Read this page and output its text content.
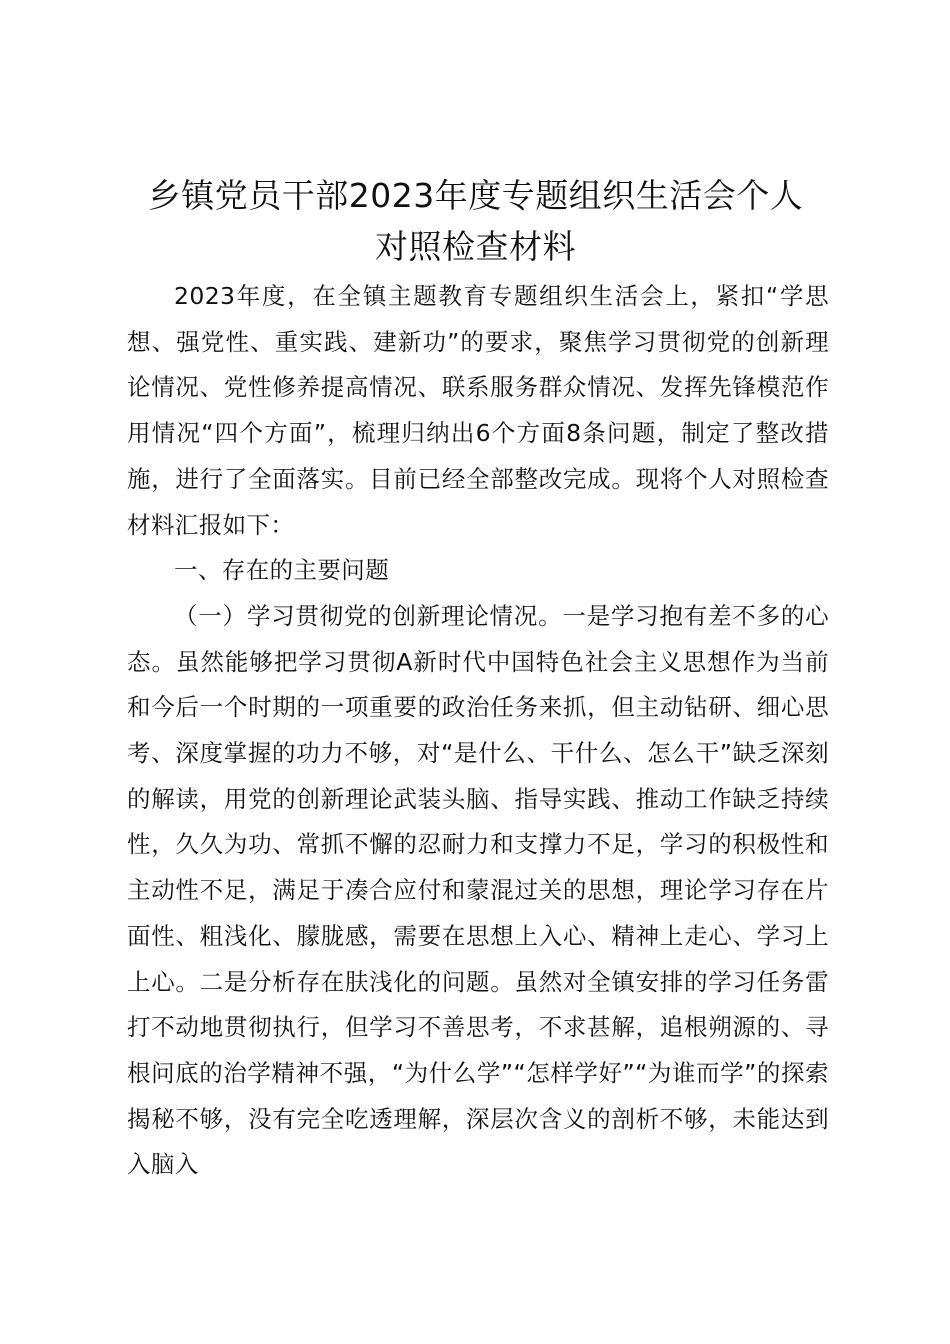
乡镇党员干部2023年度专题组织生活会个人
对照检查材料

2023年度，在全镇主题教育专题组织生活会上，紧扣“学思想、强党性、重实践、建新功”的要求，聚焦学习贯彻党的创新理论情况、党性修养提高情况、联系服务群众情况、发挥先锋模范作用情况“四个方面”，梳理归纳出6个方面8条问题，制定了整改措施，进行了全面落实。目前已经全部整改完成。现将个人对照检查材料汇报如下：

一、存在的主要问题

（一）学习贯彻党的创新理论情况。一是学习抱有差不多的心态。虽然能够把学习贯彻A新时代中国特色社会主义思想作为当前和今后一个时期的一项重要的政治任务来抓，但主动钻研、细心思考、深度掌握的功力不够，对“是什么、干什么、怎么干”缺乏深刻的解读，用党的创新理论武装头脑、指导实践、推动工作缺乏持续性，久久为功、常抓不懈的忍耐力和支撑力不足，学习的积极性和主动性不足，满足于凑合应付和蒙混过关的思想，理论学习存在片面性、粗浅化、朦胧感，需要在思想上入心、精神上走心、学习上上心。二是分析存在肤浅化的问题。虽然对全镇安排的学习任务雷打不动地贯彻执行，但学习不善思考，不求甚解，追根朔源的、寻根问底的治学精神不强，“为什么学”“怎样学好”“为谁而学”的探索揭秘不够，没有完全吃透理解，深层次含义的剖析不够，未能达到入脑入
